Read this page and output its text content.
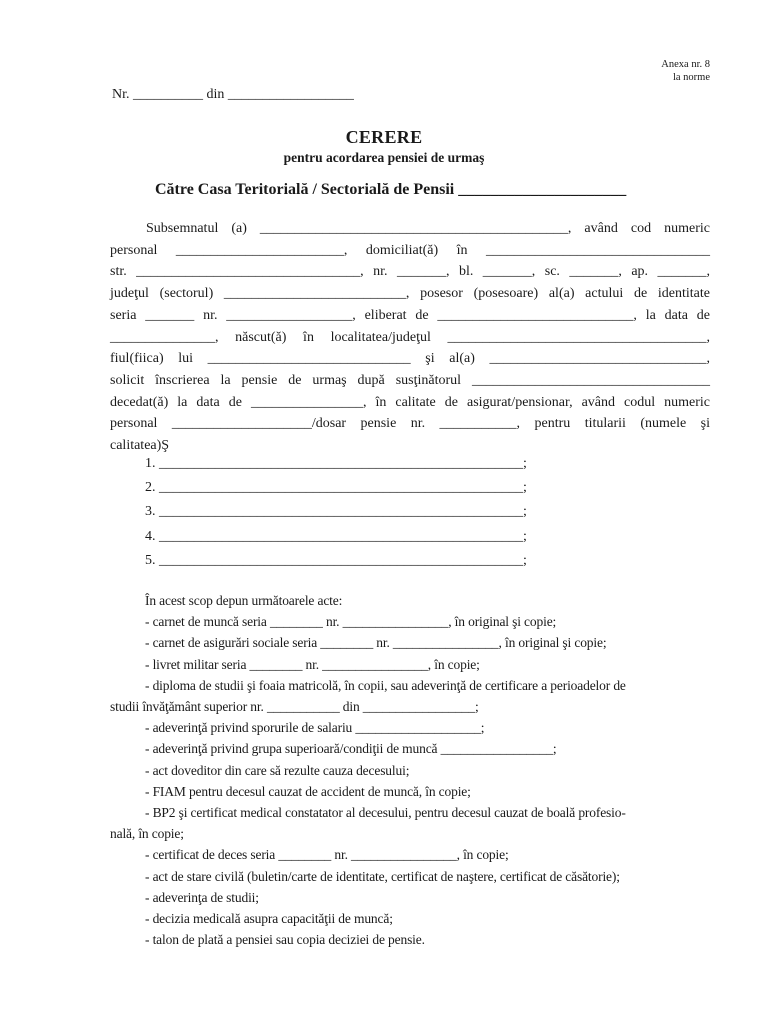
Anexa nr. 8
la norme
Nr. __________ din __________________
CERERE
pentru acordarea pensiei de urmaş
Către Casa Teritorială / Sectorială de Pensii _____________________

Subsemnatul (a) ____________________________________________, având cod numeric
personal ________________________, domiciliat(ă) în ________________________________
str. ________________________________, nr. _______, bl. _______, sc. _______, ap. _______,
judeţul (sectorul) __________________________, posesor (posesoare) al(a) actului de identitate
seria _______ nr. __________________, eliberat de ____________________________, la data de
_______________, născut(ă) în localitatea/judeţul _____________________________________,
fiul(fiica) lui _____________________________ şi al(a) _______________________________,
solicit înscrierea la pensie de urmaş după susţinătorul __________________________________
decedat(ă) la data de ________________, în calitate de asigurat/pensionar, având codul numeric
personal ____________________/dosar pensie nr. ___________, pentru titularii (numele şi
calitatea)Ş

1. ____________________________________________________;
2. ____________________________________________________;
3. ____________________________________________________;
4. ____________________________________________________;
5. ____________________________________________________;
În acest scop depun următoarele acte:
- carnet de muncă seria ________ nr. ________________, în original şi copie;
- carnet de asigurări sociale seria ________ nr. ________________, în original şi copie;
- livret militar seria ________ nr. ________________, în copie;
- diploma de studii şi foaia matricolă, în copii, sau adeverinţă de certificare a perioadelor de
studii învăţământ superior nr. ___________ din _________________;
- adeverinţă privind sporurile de salariu ___________________;
- adeverinţă privind grupa superioară/condiţii de muncă _________________;
- act doveditor din care să rezulte cauza decesului;
- FIAM pentru decesul cauzat de accident de muncă, în copie;
- BP2 şi certificat medical constatator al decesului, pentru decesul cauzat de boală profesio-
nală, în copie;
- certificat de deces seria ________ nr. ________________, în copie;
- act de stare civilă (buletin/carte de identitate, certificat de naştere, certificat de căsătorie);
- adeverinţa de studii;
- decizia medicală asupra capacităţii de muncă;
- talon de plată a pensiei sau copia deciziei de pensie.
